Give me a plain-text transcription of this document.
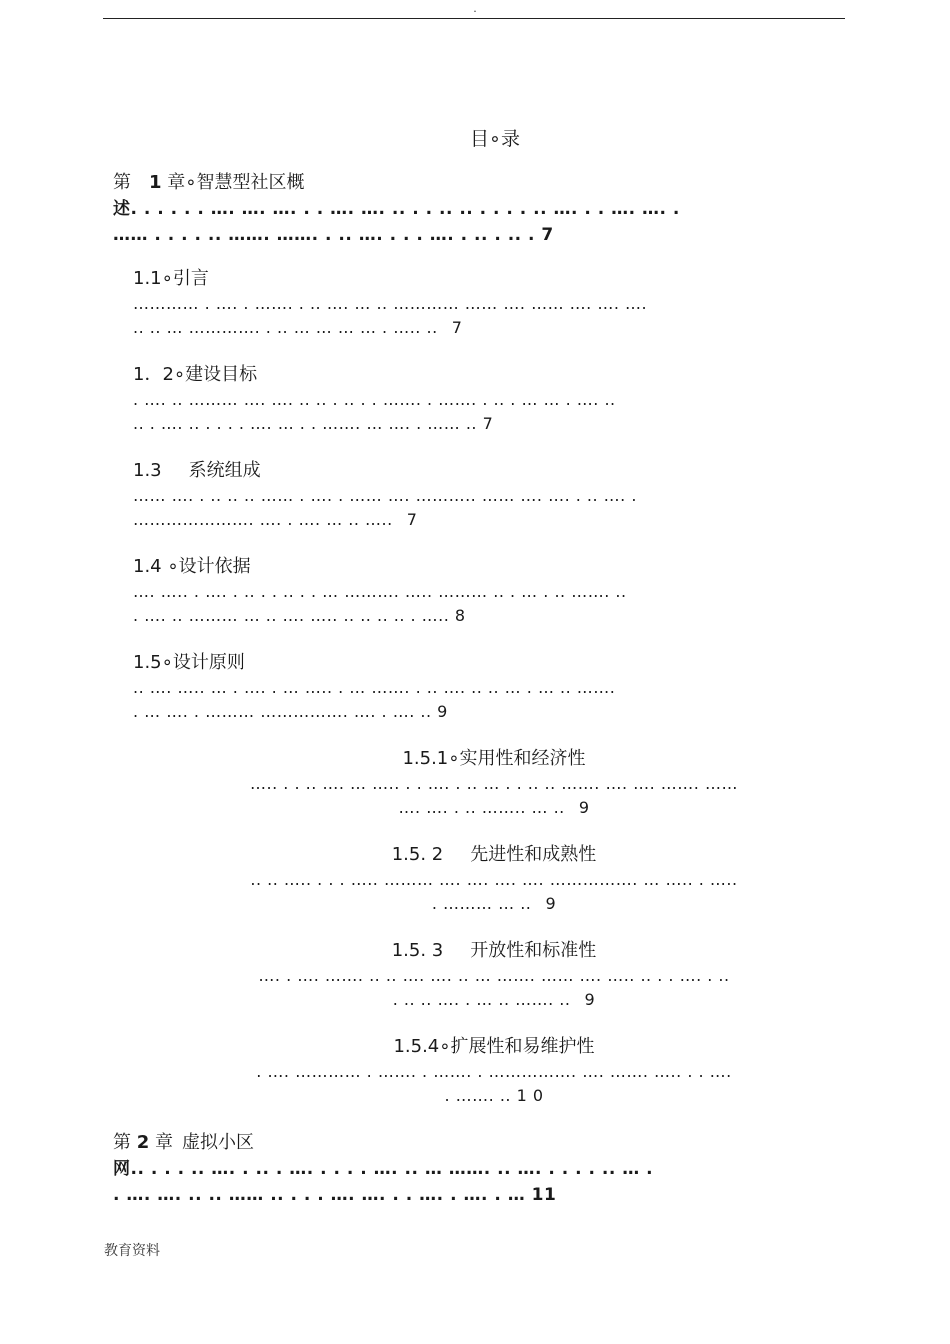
.
目∘录
第 1 章∘智慧型社区概
述. . . . . . …. …. …. . . …. …. .. . . .. .. . . . . .. …. . . …. …. .
…… . . . . .. ……. ……. . .. …. . . . …. . .. . .. . 7
1.1∘引言
………… . …. . ……. . .. …. … .. ………… …… …. …… …. …. ….
.. .. … …………. . .. … … … … . ….. ..  7
1．2∘建设目标
. …. .. ……… …. …. .. .. . .. . . ……. . ……. . .. . … … . …. ..
.. . …. .. . . . . …. … . . ……. … …. . …… .. 7
1.3  系统组成
…… …. . .. .. .. …… . …. . …… …. ……….. …… …. …. . .. …. .
…………………. …. . …. … .. …..  7
1.4 ∘设计依据
…. ….. . …. . .. . . .. . . … ………. ….. ……… .. . … . .. ……. ..
. …. .. ……… … .. …. ….. .. .. .. .. . ….. 8
1.5∘设计原则
.. …. ….. … . …. . … ….. . … ……. . .. …. .. .. … . … .. …….
. … …. . ……… ……………. …. . …. .. 9
1.5.1∘实用性和经济性
….. . . .. …. … ….. . . …. . .. … . . .. .. ……. …. …. ……. ……
…. …. . .. …….. … ..  9
1.5. 2  先进性和成熟性
.. .. ….. . . . ….. ……… …. …. …. …. ……………. … ….. . …..
. ……… … ..  9
1.5. 3  开放性和标准性
…. . …. ……. .. .. …. …. .. … ……. …… …. ….. .. . . …. . ..
. .. .. …. . … .. ……. ..  9
1.5.4∘扩展性和易维护性
. …. ………… . ……. . ……. . ……………. …. ……. ….. . . ….
. ……. .. 1 0
第 2 章 虚拟小区
网.. . . . .. …. . .. . …. . . . . …. .. … ……. .. …. . . . . .. … .
. …. …. .. .. …… .. . . . …. …. . . …. . …. . … 11
教育资料
